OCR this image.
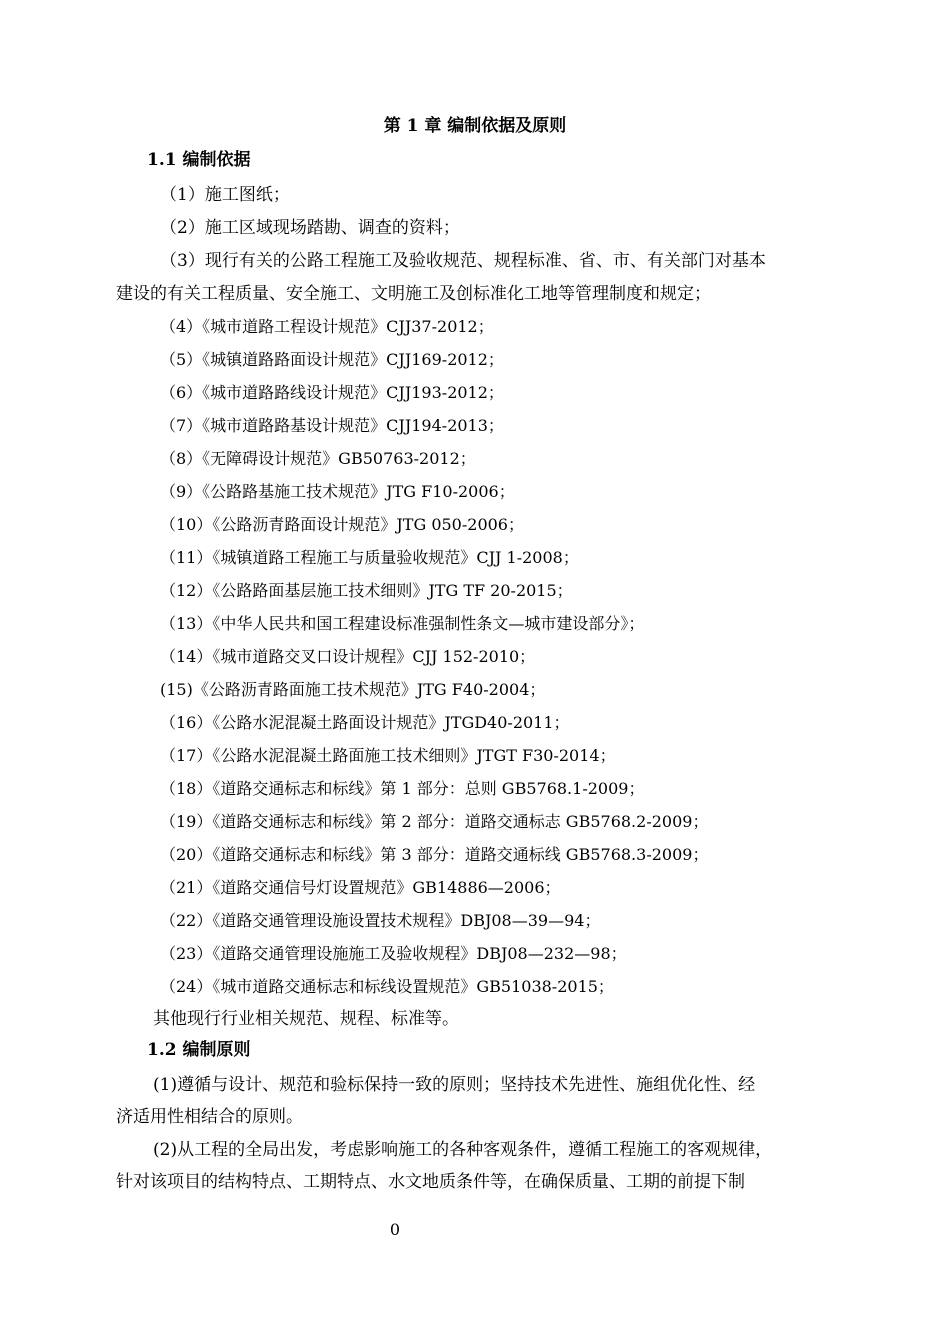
第 1 章 编制依据及原则
1.1 编制依据
（1）施工图纸；
（2）施工区域现场踏勘、调查的资料；
（3）现行有关的公路工程施工及验收规范、规程标准、省、市、有关部门对基本
建设的有关工程质量、安全施工、文明施工及创标准化工地等管理制度和规定；
（4）《城市道路工程设计规范》CJJ37-2012；
（5）《城镇道路路面设计规范》CJJ169-2012；
（6）《城市道路路线设计规范》CJJ193-2012；
（7）《城市道路路基设计规范》CJJ194-2013；
（8）《无障碍设计规范》GB50763-2012；
（9）《公路路基施工技术规范》JTG F10-2006；
（10）《公路沥青路面设计规范》JTG 050-2006；
（11）《城镇道路工程施工与质量验收规范》CJJ 1-2008；
（12）《公路路面基层施工技术细则》JTG TF 20-2015；
（13）《中华人民共和国工程建设标准强制性条文—城市建设部分》；
（14）《城市道路交叉口设计规程》CJJ 152-2010；
(15)《公路沥青路面施工技术规范》JTG F40-2004；
（16）《公路水泥混凝土路面设计规范》JTGD40-2011；
（17）《公路水泥混凝土路面施工技术细则》JTGT F30-2014；
（18）《道路交通标志和标线》第 1 部分：总则 GB5768.1-2009；
（19）《道路交通标志和标线》第 2 部分：道路交通标志 GB5768.2-2009；
（20）《道路交通标志和标线》第 3 部分：道路交通标线 GB5768.3-2009；
（21）《道路交通信号灯设置规范》GB14886—2006；
（22）《道路交通管理设施设置技术规程》DBJ08—39—94；
（23）《道路交通管理设施施工及验收规程》DBJ08—232—98；
（24）《城市道路交通标志和标线设置规范》GB51038-2015；
其他现行行业相关规范、规程、标准等。
1.2 编制原则
(1)遵循与设计、规范和验标保持一致的原则；坚持技术先进性、施组优化性、经
济适用性相结合的原则。
(2)从工程的全局出发，考虑影响施工的各种客观条件，遵循工程施工的客观规律，
针对该项目的结构特点、工期特点、水文地质条件等，在确保质量、工期的前提下制
0
